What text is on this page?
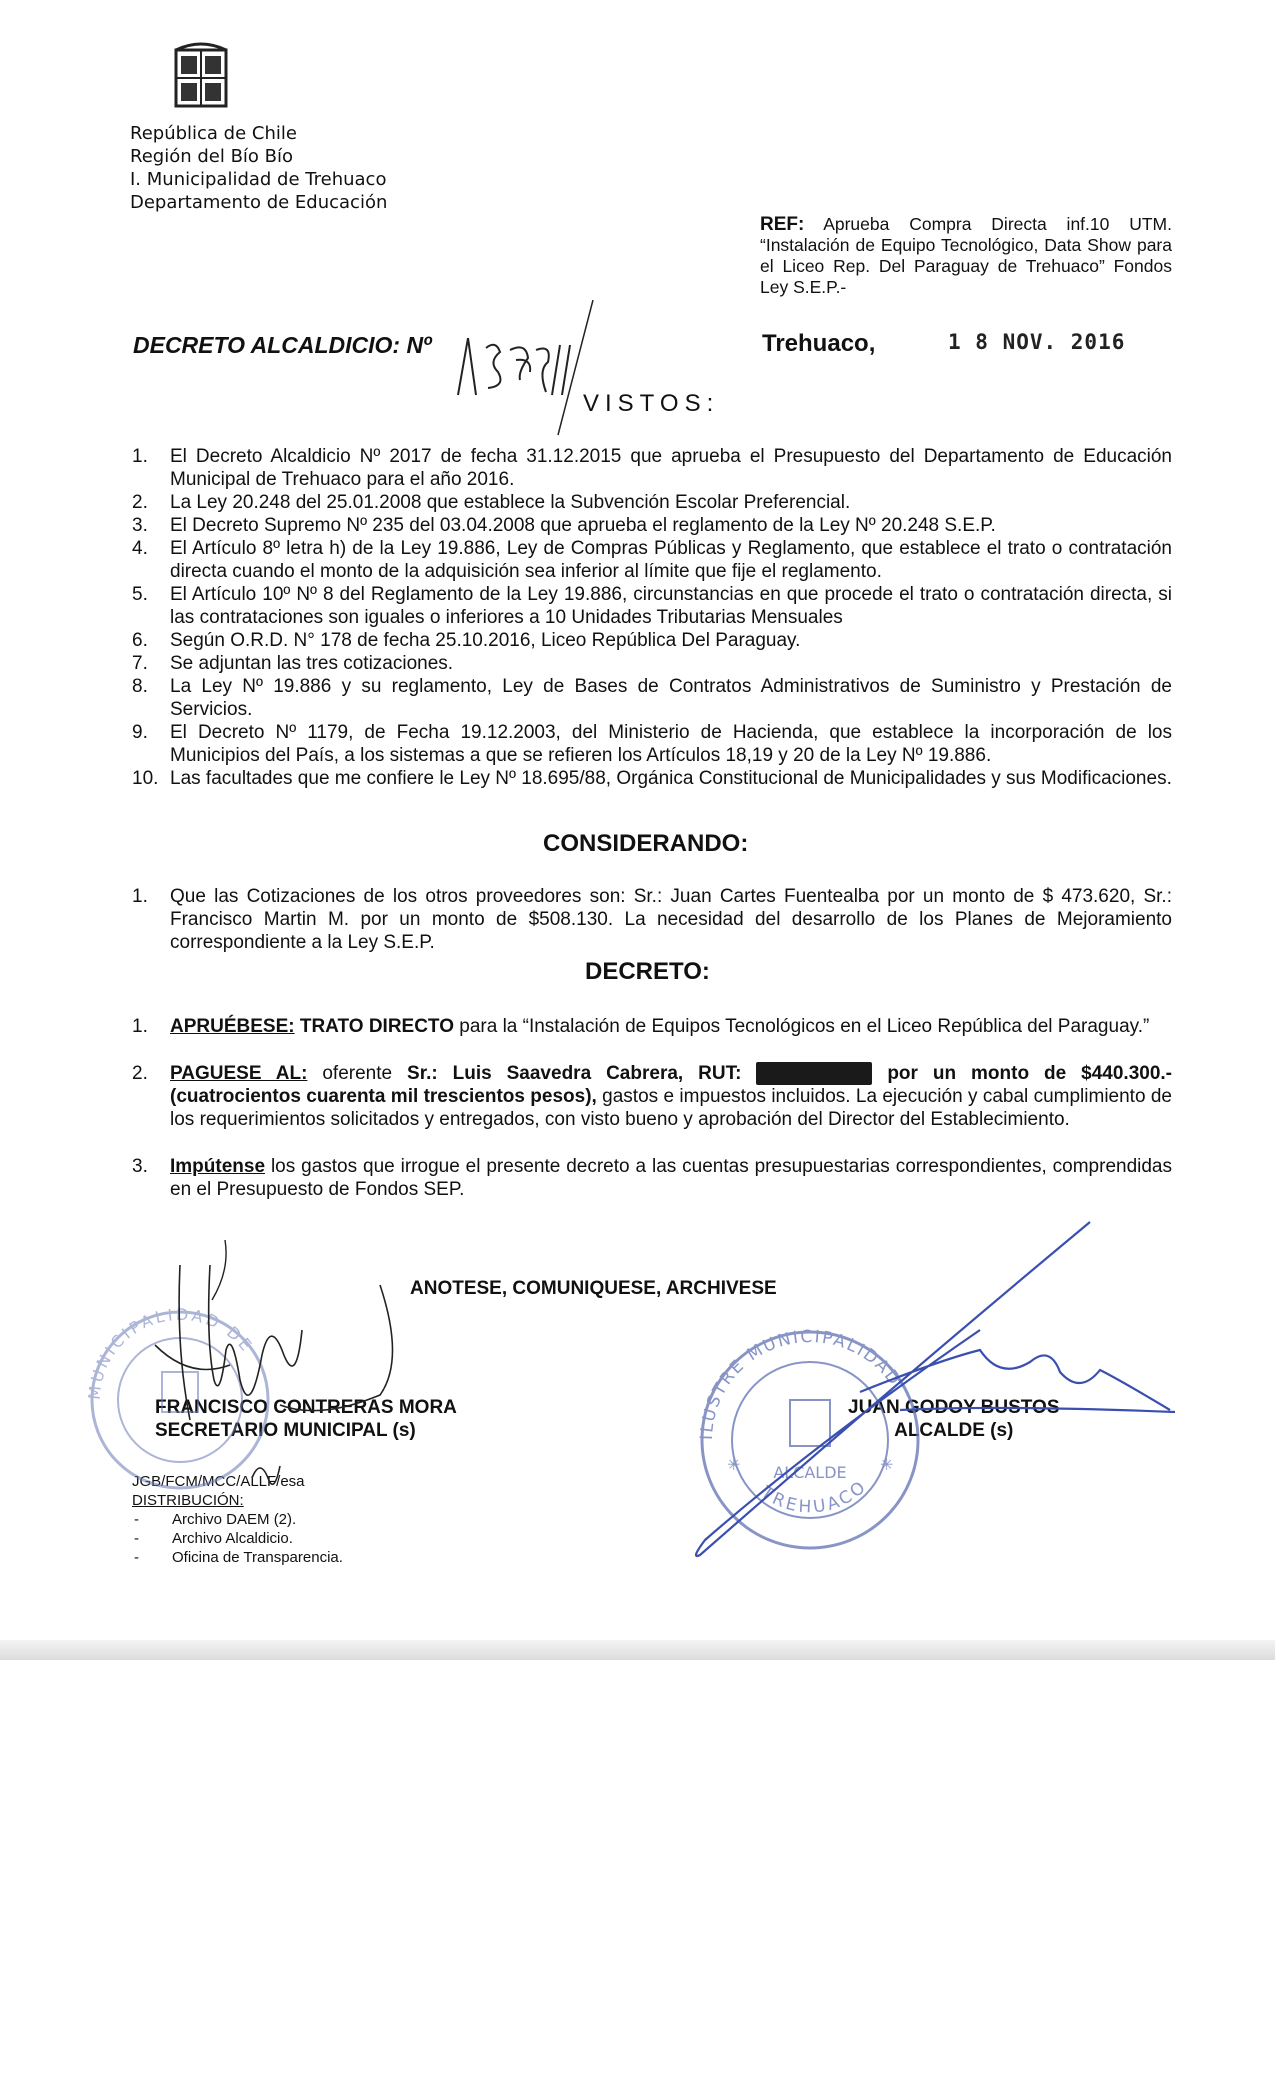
República de Chile
Región del Bío Bío
I. Municipalidad de Trehuaco
Departamento de Educación
REF: Aprueba Compra Directa inf.10 UTM. “Instalación de Equipo Tecnológico, Data Show para el Liceo Rep. Del Paraguay de Trehuaco” Fondos Ley S.E.P.-
DECRETO ALCALDICIO: Nº	Trehuaco,	1 8 NOV. 2016
VISTOS:
1. El Decreto Alcaldicio Nº 2017 de fecha 31.12.2015 que aprueba el Presupuesto del Departamento de Educación Municipal de Trehuaco para el año 2016.
2. La Ley 20.248 del 25.01.2008 que establece la Subvención Escolar Preferencial.
3. El Decreto Supremo Nº 235 del 03.04.2008 que aprueba el reglamento de la Ley Nº 20.248 S.E.P.
4. El Artículo 8º letra h) de la Ley 19.886, Ley de Compras Públicas y Reglamento, que establece el trato o contratación directa cuando el monto de la adquisición sea inferior al límite que fije el reglamento.
5. El Artículo 10º Nº 8 del Reglamento de la Ley 19.886, circunstancias en que procede el trato o contratación directa, si las contrataciones son iguales o inferiores a 10 Unidades Tributarias Mensuales
6. Según O.R.D. N° 178 de fecha 25.10.2016, Liceo República Del Paraguay.
7. Se adjuntan las tres cotizaciones.
8. La Ley Nº 19.886 y su reglamento, Ley de Bases de Contratos Administrativos de Suministro y Prestación de Servicios.
9. El Decreto Nº 1179, de Fecha 19.12.2003, del Ministerio de Hacienda, que establece la incorporación de los Municipios del País, a los sistemas a que se refieren los Artículos 18,19 y 20 de la Ley Nº 19.886.
10. Las facultades que me confiere le Ley Nº 18.695/88, Orgánica Constitucional de Municipalidades y sus Modificaciones.
CONSIDERANDO:
1. Que las Cotizaciones de los otros proveedores son: Sr.: Juan Cartes Fuentealba por un monto de $ 473.620, Sr.: Francisco Martin M. por un monto de $508.130. La necesidad del desarrollo de los Planes de Mejoramiento correspondiente a la Ley S.E.P.
DECRETO:
1. APRUÉBESE: TRATO DIRECTO para la “Instalación de Equipos Tecnológicos en el Liceo República del Paraguay.”
2. PAGUESE AL: oferente Sr.: Luis Saavedra Cabrera, RUT: 12.967.938-7 por un monto de $440.300.- (cuatrocientos cuarenta mil trescientos pesos), gastos e impuestos incluidos. La ejecución y cabal cumplimiento de los requerimientos solicitados y entregados, con visto bueno y aprobación del Director del Establecimiento.
3. Impútense los gastos que irrogue el presente decreto a las cuentas presupuestarias correspondientes, comprendidas en el Presupuesto de Fondos SEP.
ANOTESE, COMUNIQUESE, ARCHIVESE
FRANCISCO CONTRERAS MORA
SECRETARIO MUNICIPAL (s)
JUAN GODOY BUSTOS
ALCALDE (s)
JGB/FCM/MCC/ALLF/esa
DISTRIBUCIÓN:
- Archivo DAEM (2).
- Archivo Alcaldicio.
- Oficina de Transparencia.
MUNICIPALIDAD DE
ILUSTRE MUNICIPALIDAD
TREHUACO
ALCALDE
✳	✳
